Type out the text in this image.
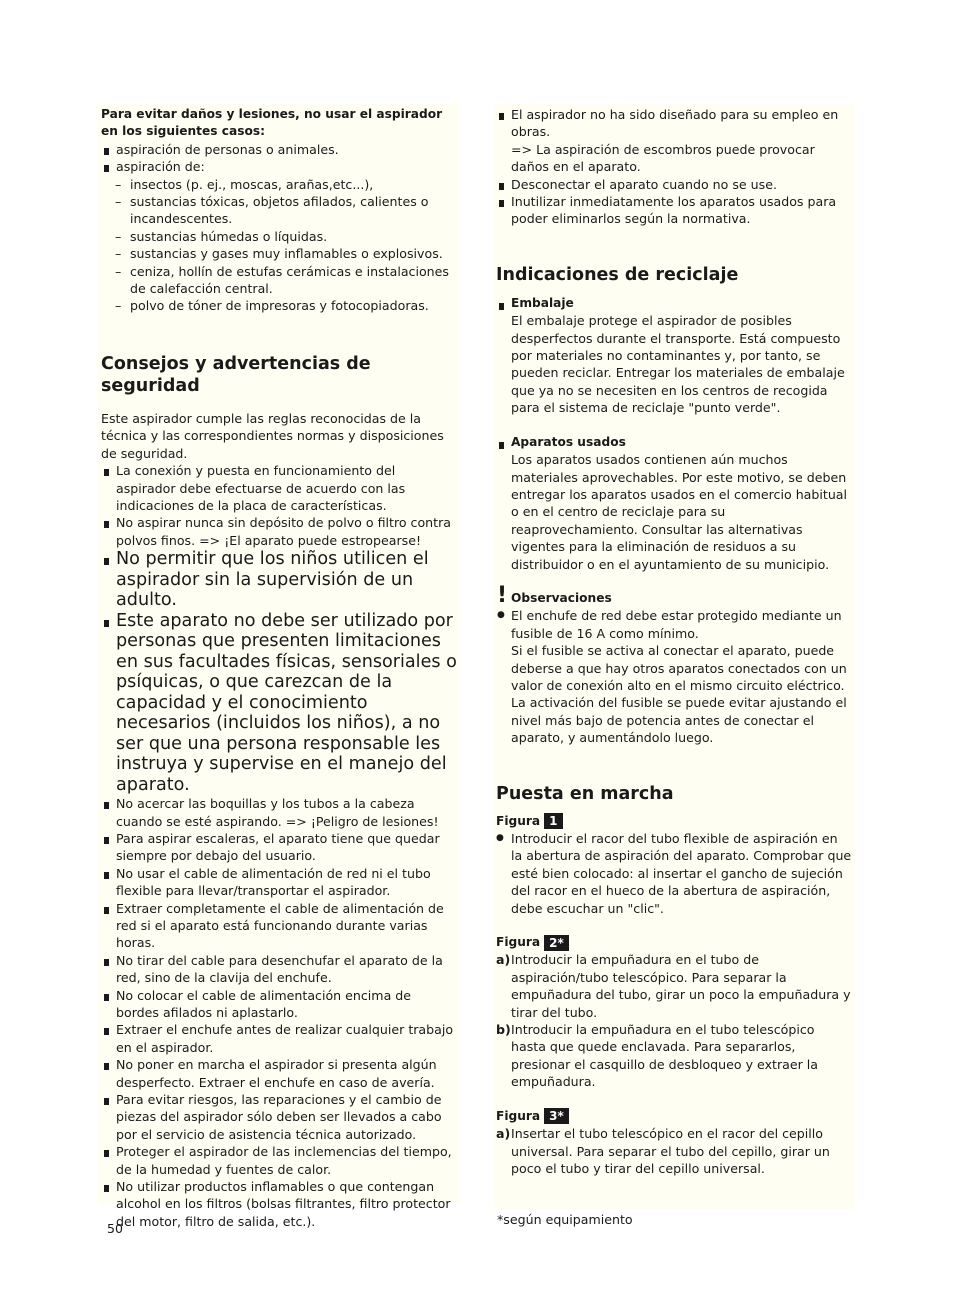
Para evitar daños y lesiones, no usar el aspirador en los siguientes casos:

aspiración de personas o animales.
aspiración de:
– insectos (p. ej., moscas, arañas,etc...),
– sustancias tóxicas, objetos afilados, calientes o incandescentes.
– sustancias húmedas o líquidas.
– sustancias y gases muy inflamables o explosivos.
– ceniza, hollín de estufas cerámicas e instalaciones de calefacción central.
– polvo de tóner de impresoras y fotocopiadoras.
Consejos y advertencias de seguridad

Este aspirador cumple las reglas reconocidas de la técnica y las correspondientes normas y disposiciones de seguridad.

La conexión y puesta en funcionamiento del aspirador debe efectuarse de acuerdo con las indicaciones de la placa de características.
No aspirar nunca sin depósito de polvo o filtro contra polvos finos. => ¡El aparato puede estropearse!
No permitir que los niños utilicen el aspirador sin la supervisión de un adulto.
Este aparato no debe ser utilizado por personas que presenten limitaciones en sus facultades físicas, sensoriales o psíquicas, o que carezcan de la capacidad y el conocimiento necesarios (incluidos los niños), a no ser que una persona responsable les instruya y supervise en el manejo del aparato.
No acercar las boquillas y los tubos a la cabeza cuando se esté aspirando. => ¡Peligro de lesiones!
Para aspirar escaleras, el aparato tiene que quedar siempre por debajo del usuario.
No usar el cable de alimentación de red ni el tubo flexible para llevar/transportar el aspirador.
Extraer completamente el cable de alimentación de red si el aparato está funcionando durante varias horas.
No tirar del cable para desenchufar el aparato de la red, sino de la clavija del enchufe.
No colocar el cable de alimentación encima de bordes afilados ni aplastarlo.
Extraer el enchufe antes de realizar cualquier trabajo en el aspirador.
No poner en marcha el aspirador si presenta algún desperfecto. Extraer el enchufe en caso de avería.
Para evitar riesgos, las reparaciones y el cambio de piezas del aspirador sólo deben ser llevados a cabo por el servicio de asistencia técnica autorizado.
Proteger el aspirador de las inclemencias del tiempo, de la humedad y fuentes de calor.
No utilizar productos inflamables o que contengan alcohol en los filtros (bolsas filtrantes, filtro protector del motor, filtro de salida, etc.).
El aspirador no ha sido diseñado para su empleo en obras.
=> La aspiración de escombros puede provocar daños en el aparato.
Desconectar el aparato cuando no se use.
Inutilizar inmediatamente los aparatos usados para poder eliminarlos según la normativa.
Indicaciones de reciclaje

Embalaje

El embalaje protege el aspirador de posibles desperfectos durante el transporte. Está compuesto por materiales no contaminantes y, por tanto, se pueden reciclar. Entregar los materiales de embalaje que ya no se necesiten en los centros de recogida para el sistema de reciclaje "punto verde".

Aparatos usados

Los aparatos usados contienen aún muchos materiales aprovechables. Por este motivo, se deben entregar los aparatos usados en el comercio habitual o en el centro de reciclaje para su reaprovechamiento. Consultar las alternativas vigentes para la eliminación de residuos a su distribuidor o en el ayuntamiento de su municipio.

! Observaciones

● El enchufe de red debe estar protegido mediante un fusible de 16 A como mínimo.

Si el fusible se activa al conectar el aparato, puede deberse a que hay otros aparatos conectados con un valor de conexión alto en el mismo circuito eléctrico. La activación del fusible se puede evitar ajustando el nivel más bajo de potencia antes de conectar el aparato, y aumentándolo luego.

Puesta en marcha
Figura 1
● Introducir el racor del tubo flexible de aspiración en la abertura de aspiración del aparato. Comprobar que esté bien colocado: al insertar el gancho de sujeción del racor en el hueco de la abertura de aspiración, debe escuchar un "clic".
Figura 2*
a) Introducir la empuñadura en el tubo de aspiración/tubo telescópico. Para separar la empuñadura del tubo, girar un poco la empuñadura y tirar del tubo.
b) Introducir la empuñadura en el tubo telescópico hasta que quede enclavada. Para separarlos, presionar el casquillo de desbloqueo y extraer la empuñadura.
Figura 3*
a) Insertar el tubo telescópico en el racor del cepillo universal. Para separar el tubo del cepillo, girar un poco el tubo y tirar del cepillo universal.
50
*según equipamiento
